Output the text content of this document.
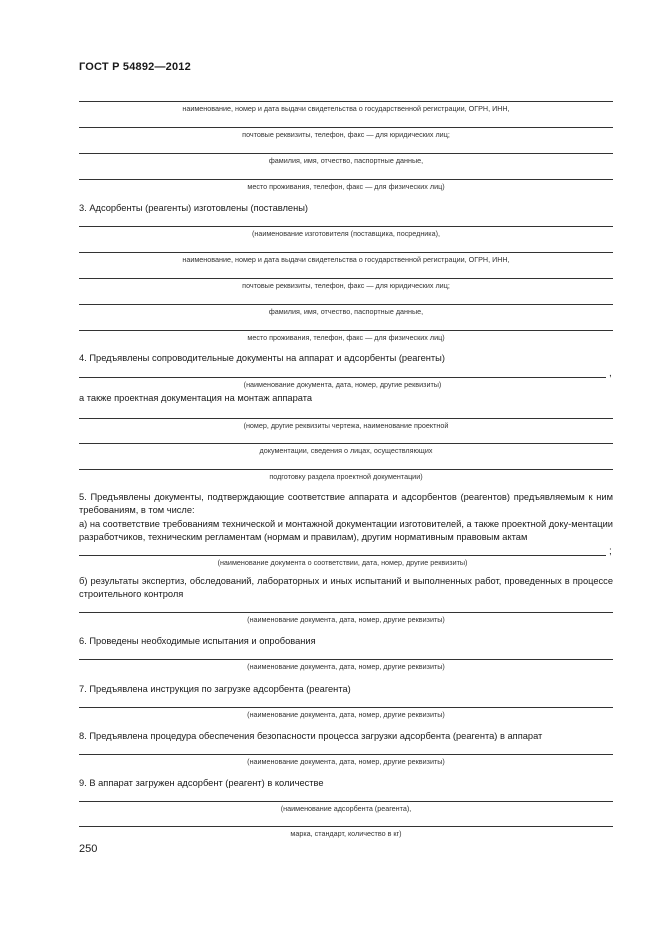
ГОСТ Р 54892—2012
наименование, номер и дата выдачи свидетельства о государственной регистрации, ОГРН, ИНН,
почтовые реквизиты, телефон, факс — для юридических лиц;
фамилия, имя, отчество, паспортные данные,
место проживания, телефон, факс — для физических лиц)
3. Адсорбенты (реагенты) изготовлены (поставлены)
(наименование изготовителя (поставщика, посредника),
наименование, номер и дата выдачи свидетельства о государственной регистрации, ОГРН, ИНН,
почтовые реквизиты, телефон, факс — для юридических лиц;
фамилия, имя, отчество, паспортные данные,
место проживания, телефон, факс — для физических лиц)
4. Предъявлены сопроводительные документы на аппарат и адсорбенты (реагенты)
,
(наименование документа, дата, номер, другие реквизиты)
а также проектная документация на монтаж аппарата
(номер, другие реквизиты чертежа, наименование проектной
документации, сведения о лицах, осуществляющих
подготовку раздела проектной документации)
5. Предъявлены документы, подтверждающие соответствие аппарата и адсорбентов (реагентов) предъявляемым к ним требованиям, в том числе:
а) на соответствие требованиям технической и монтажной документации изготовителей, а также проектной доку-ментации разработчиков, техническим регламентам (нормам и правилам), другим нормативным правовым актам
;
(наименование документа о соответствии, дата, номер, другие реквизиты)
б) результаты экспертиз, обследований, лабораторных и иных испытаний и выполненных работ, проведенных в процессе строительного контроля
(наименование документа, дата, номер, другие реквизиты)
6. Проведены необходимые испытания и опробования
(наименование документа, дата, номер, другие реквизиты)
7. Предъявлена инструкция по загрузке адсорбента (реагента)
(наименование документа, дата, номер, другие реквизиты)
8. Предъявлена процедура обеспечения безопасности процесса загрузки адсорбента (реагента) в аппарат
(наименование документа, дата, номер, другие реквизиты)
9. В аппарат загружен адсорбент (реагент) в количестве
(наименование адсорбента (реагента),
марка, стандарт, количество в кг)
250
